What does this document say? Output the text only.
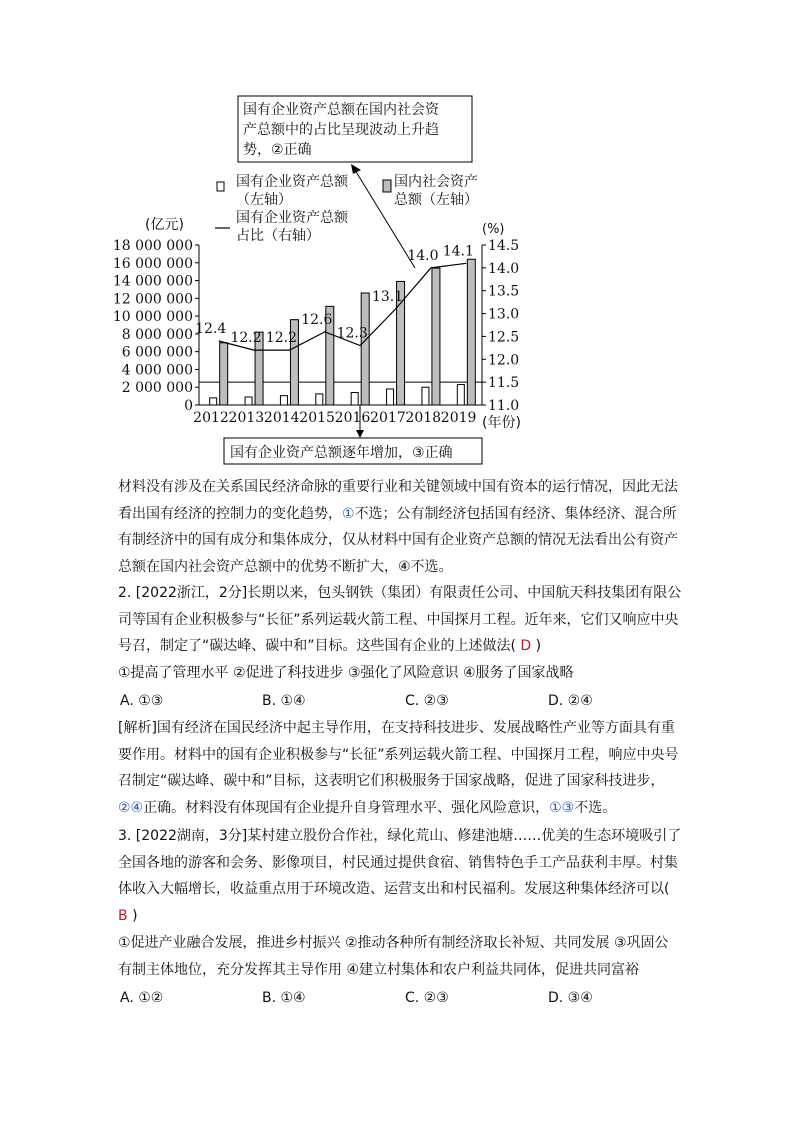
0
2 000 000
4 000 000
6 000 000
8 000 000
10 000 000
12 000 000
14 000 000
16 000 000
18 000 000
11.0
11.5
12.0
12.5
13.0
13.5
14.0
14.5
12.4
12.2 12.2
12.6
12.3
13.1
14.0 14.1
2012 2013 2014 2015 2016 2017 2018 2019
(亿元)	(%)
(年份)
国有企业资产总额
（左轴）
国内社会资产
总额（左轴）
国有企业资产总额
占比（右轴）
国有企业资产总额在国内社会资
产总额中的占比呈现波动上升趋
势，②正确
国有企业资产总额逐年增加，③正确
材料没有涉及在关系国民经济命脉的重要行业和关键领域中国有资本的运行情况，因此无法看出国有经济的控制力的变化趋势，①不选；公有制经济包括国有经济、集体经济、混合所有制经济中的国有成分和集体成分，仅从材料中国有企业资产总额的情况无法看出公有资产总额在国内社会资产总额中的优势不断扩大，④不选。
2. [2022浙江，2分]长期以来，包头钢铁（集团）有限责任公司、中国航天科技集团有限公司等国有企业积极参与“长征”系列运载火箭工程、中国探月工程。近年来，它们又响应中央号召，制定了“碳达峰、碳中和”目标。这些国有企业的上述做法( D )
①提高了管理水平 ②促进了科技进步 ③强化了风险意识 ④服务了国家战略
A. ①③	B. ①④	C. ②③	D. ②④
[解析]国有经济在国民经济中起主导作用，在支持科技进步、发展战略性产业等方面具有重要作用。材料中的国有企业积极参与“长征”系列运载火箭工程、中国探月工程，响应中央号召制定“碳达峰、碳中和”目标，这表明它们积极服务于国家战略，促进了国家科技进步，②④正确。材料没有体现国有企业提升自身管理水平、强化风险意识，①③不选。
3. [2022湖南，3分]某村建立股份合作社，绿化荒山、修建池塘……优美的生态环境吸引了全国各地的游客和会务、影像项目，村民通过提供食宿、销售特色手工产品获利丰厚。村集体收入大幅增长，收益重点用于环境改造、运营支出和村民福利。发展这种集体经济可以( B )
①促进产业融合发展，推进乡村振兴 ②推动各种所有制经济取长补短、共同发展 ③巩固公有制主体地位，充分发挥其主导作用 ④建立村集体和农户利益共同体，促进共同富裕
A. ①②	B. ①④	C. ②③	D. ③④
